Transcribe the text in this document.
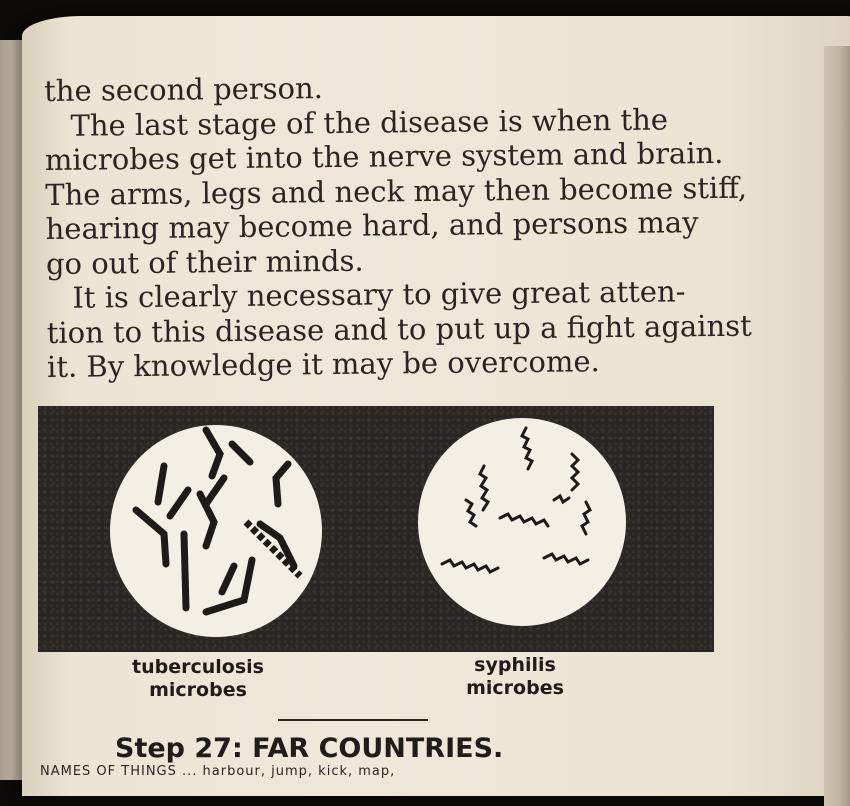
the second person.
The last stage of the disease is when the
microbes get into the nerve system and brain.
The arms, legs and neck may then become stiff,
hearing may become hard, and persons may
go out of their minds.
It is clearly necessary to give great atten-
tion to this disease and to put up a fight against
it. By knowledge it may be overcome.
tuberculosis
microbes
syphilis
microbes
Step 27: FAR COUNTRIES.
NAMES OF THINGS ... harbour, jump, kick, map,
